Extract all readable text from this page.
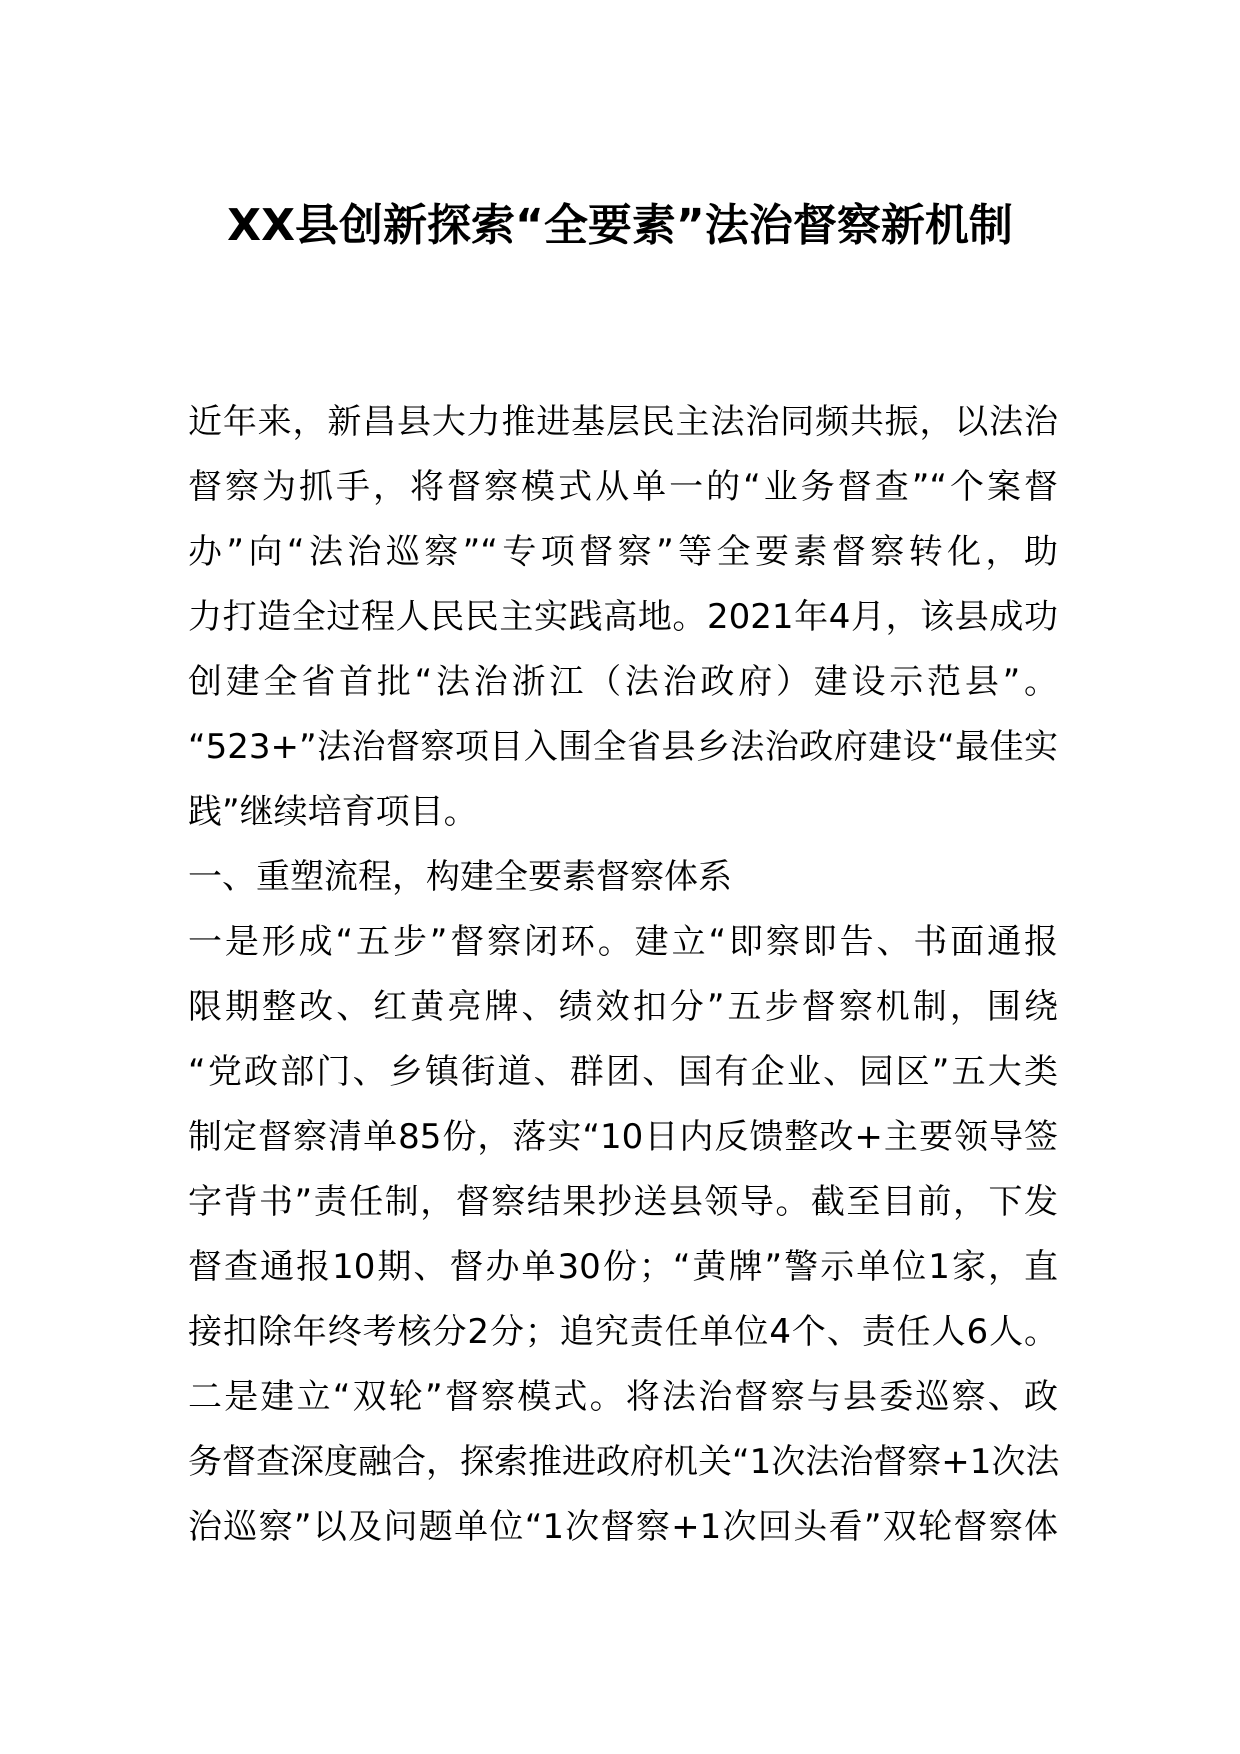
XX县创新探索“全要素”法治督察新机制
近年来，新昌县大力推进基层民主法治同频共振，以法治
督察为抓手，将督察模式从单一的“业务督查”“个案督
办”向“法治巡察”“专项督察”等全要素督察转化，助
力打造全过程人民民主实践高地。2021年4月，该县成功
创建全省首批“法治浙江（法治政府）建设示范县”。
“523+”法治督察项目入围全省县乡法治政府建设“最佳实
践”继续培育项目。
一、重塑流程，构建全要素督察体系
一是形成“五步”督察闭环。建立“即察即告、书面通报
限期整改、红黄亮牌、绩效扣分”五步督察机制，围绕
“党政部门、乡镇街道、群团、国有企业、园区”五大类
制定督察清单85份，落实“10日内反馈整改+主要领导签
字背书”责任制，督察结果抄送县领导。截至目前，下发
督查通报10期、督办单30份；“黄牌”警示单位1家，直
接扣除年终考核分2分；追究责任单位4个、责任人6人。
二是建立“双轮”督察模式。将法治督察与县委巡察、政
务督查深度融合，探索推进政府机关“1次法治督察+1次法
治巡察”以及问题单位“1次督察+1次回头看”双轮督察体
